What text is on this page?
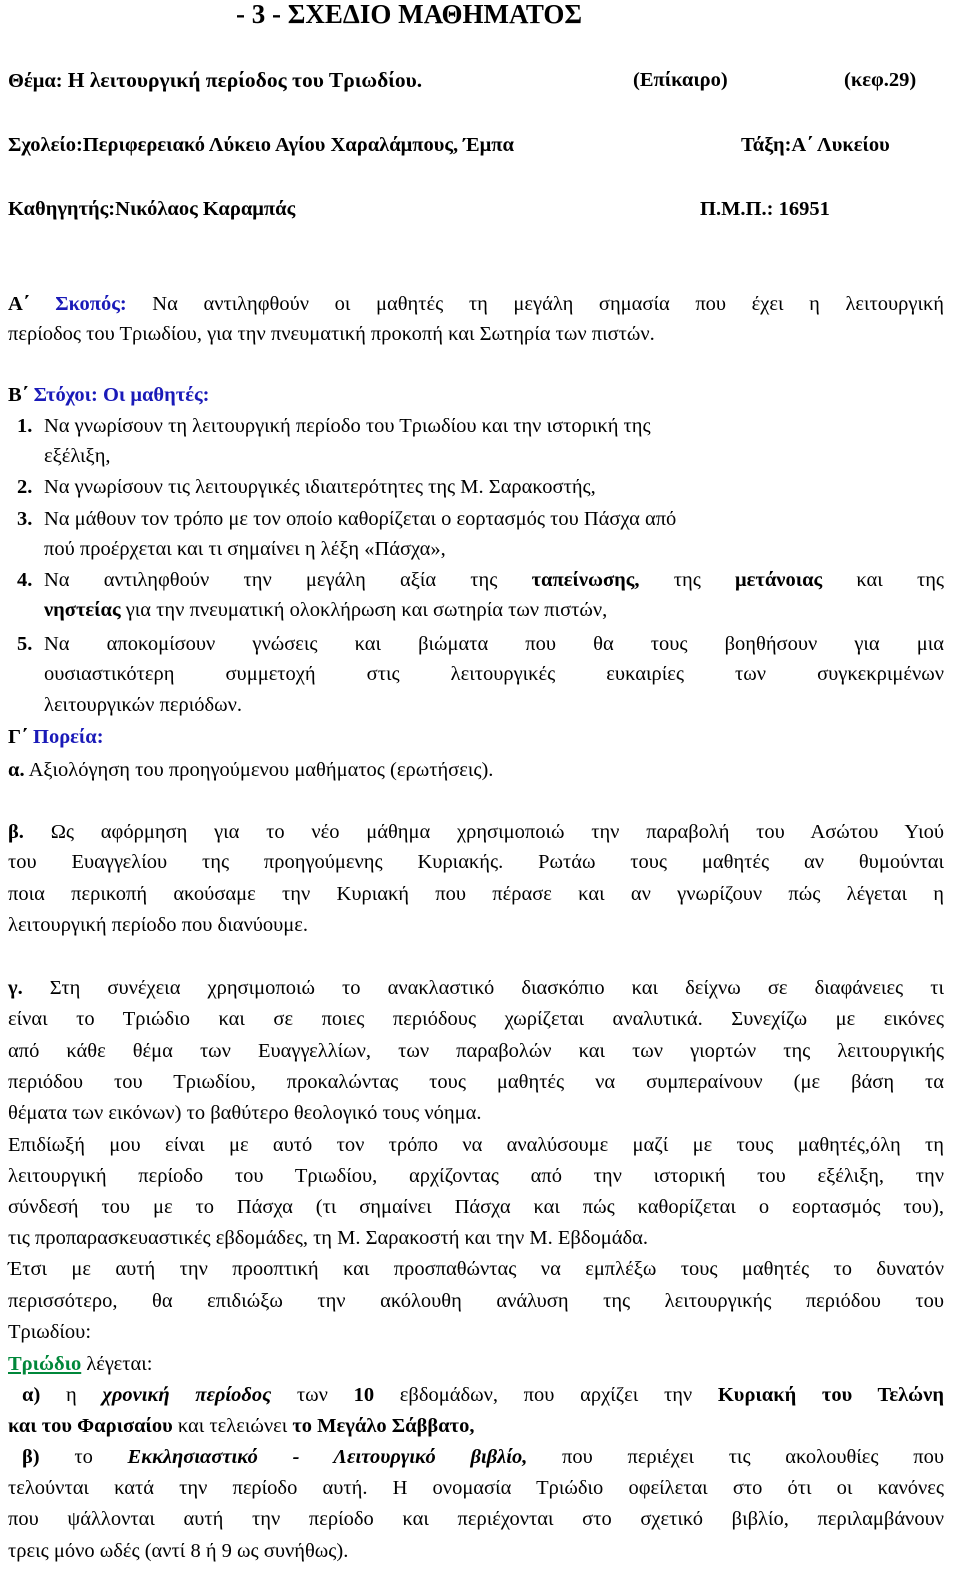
- 3 - ΣΧΕΔΙΟ ΜΑΘΗΜΑΤΟΣ
Θέμα: Η λειτουργική περίοδος του Τριωδίου.	(Επίκαιρο)	(κεφ.29)
Σχολείο:Περιφερειακό Λύκειο Αγίου Χαραλάμπους, Έμπα	Τάξη:Α΄ Λυκείου
Καθηγητής:Νικόλαος Καραμπάς	Π.Μ.Π.: 16951
Α΄ Σκοπός: Να αντιληφθούν οι μαθητές τη μεγάλη σημασία που έχει η λειτουργική
περίοδος του Τριωδίου, για την πνευματική προκοπή και Σωτηρία των πιστών.
Β΄ Στόχοι: Οι μαθητές:
1. Να γνωρίσουν τη λειτουργική περίοδο του Τριωδίου και την ιστορική της
εξέλιξη,
2. Να γνωρίσουν τις λειτουργικές ιδιαιτερότητες της Μ. Σαρακοστής,
3. Να μάθουν τον τρόπο με τον οποίο καθορίζεται ο εορτασμός του Πάσχα από
πού προέρχεται και τι σημαίνει η λέξη «Πάσχα»,
4. Να αντιληφθούν την μεγάλη αξία της ταπείνωσης, της μετάνοιας και της
νηστείας για την πνευματική ολοκλήρωση και σωτηρία των πιστών,
5. Να αποκομίσουν γνώσεις και βιώματα που θα τους βοηθήσουν για μια
ουσιαστικότερη συμμετοχή στις λειτουργικές ευκαιρίες των συγκεκριμένων
λειτουργικών περιόδων.
Γ΄ Πορεία:
α. Αξιολόγηση του προηγούμενου μαθήματος (ερωτήσεις).
β. Ως αφόρμηση για το νέο μάθημα χρησιμοποιώ την παραβολή του Ασώτου Υιού
του Ευαγγελίου της προηγούμενης Κυριακής. Ρωτάω τους μαθητές αν θυμούνται
ποια περικοπή ακούσαμε την Κυριακή που πέρασε και αν γνωρίζουν πώς λέγεται η
λειτουργική περίοδο που διανύουμε.
γ. Στη συνέχεια χρησιμοποιώ το ανακλαστικό διασκόπιο και δείχνω σε διαφάνειες τι
είναι το Τριώδιο και σε ποιες περιόδους χωρίζεται αναλυτικά. Συνεχίζω με εικόνες
από κάθε θέμα των Ευαγγελλίων, των παραβολών και των γιορτών της λειτουργικής
περιόδου του Τριωδίου, προκαλώντας τους μαθητές να συμπεραίνουν (με βάση τα
θέματα των εικόνων) το βαθύτερο θεολογικό τους νόημα.
Επιδίωξή μου είναι με αυτό τον τρόπο να αναλύσουμε μαζί με τους μαθητές,όλη τη
λειτουργική περίοδο του Τριωδίου, αρχίζοντας από την ιστορική του εξέλιξη, την
σύνδεσή του με το Πάσχα (τι σημαίνει Πάσχα και πώς καθορίζεται ο εορτασμός του),
τις προπαρασκευαστικές εβδομάδες, τη Μ. Σαρακοστή και την Μ. Εβδομάδα.
Έτσι με αυτή την προοπτική και προσπαθώντας να εμπλέξω τους μαθητές το δυνατόν
περισσότερο, θα επιδιώξω την ακόλουθη ανάλυση της λειτουργικής περιόδου του
Τριωδίου:
Τριώδιο λέγεται:
α) η χρονική περίοδος των 10 εβδομάδων, που αρχίζει την Κυριακή του Τελώνη
και του Φαρισαίου και τελειώνει το Μεγάλο Σάββατο,
β) το Εκκλησιαστικό - Λειτουργικό βιβλίο, που περιέχει τις ακολουθίες που
τελούνται κατά την περίοδο αυτή. Η ονομασία Τριώδιο οφείλεται στο ότι οι κανόνες
που ψάλλονται αυτή την περίοδο και περιέχονται στο σχετικό βιβλίο, περιλαμβάνουν
τρεις μόνο ωδές (αντί 8 ή 9 ως συνήθως).
